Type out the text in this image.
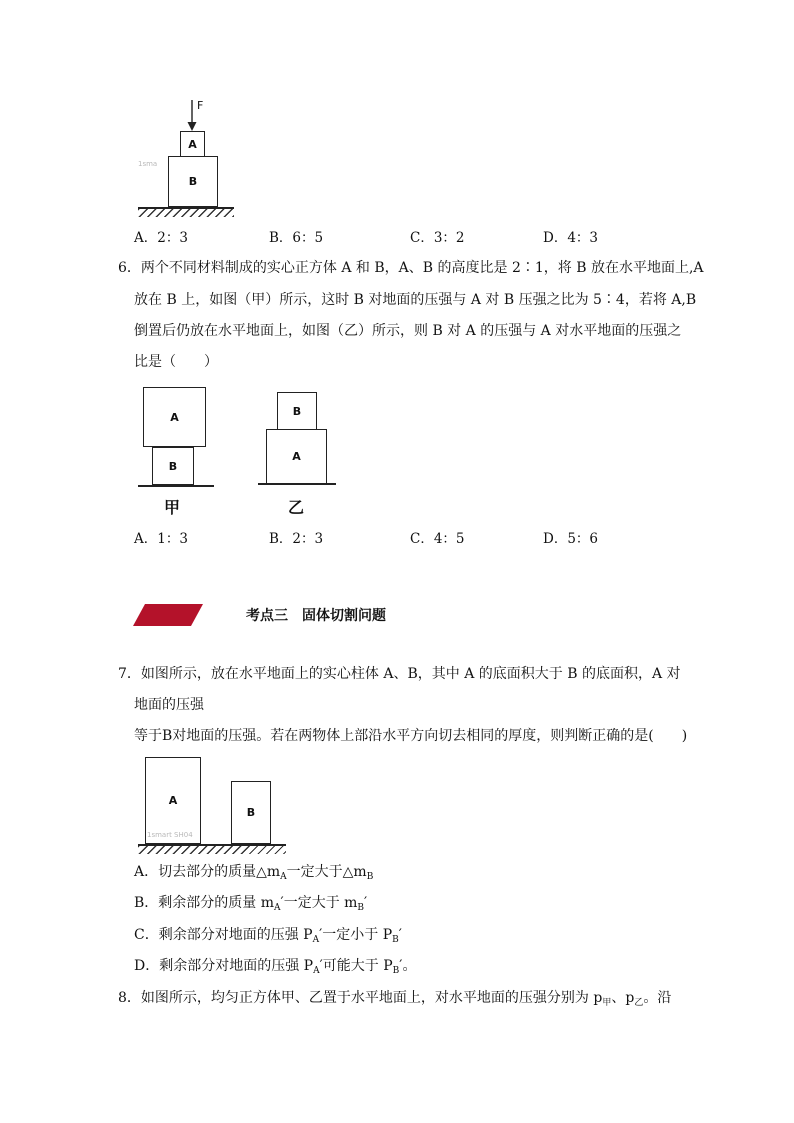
F
A
B
1sma
A．2：3	B．6：5	C．3：2	D．4：3
6．两个不同材料制成的实心正方体 A 和 B，A、B 的高度比是 2∶1，将 B 放在水平地面上,A
放在 B 上，如图（甲）所示，这时 B 对地面的压强与 A 对 B 压强之比为 5∶4，若将 A,B
倒置后仍放在水平地面上，如图（乙）所示，则 B 对 A 的压强与 A 对水平地面的压强之
比是（　　）
A
B
甲
B
A
乙
A．1：3	B．2：3	C．4：5	D．5：6
考点三　固体切割问题
7．如图所示，放在水平地面上的实心柱体 A、B，其中 A 的底面积大于 B 的底面积，A 对
地面的压强
等于B对地面的压强。若在两物体上部沿水平方向切去相同的厚度，则判断正确的是(　　)
A
B
1smart SH04
A．切去部分的质量$\triangle m_A$一定大于$\triangle m_B$
B．剩余部分的质量 $m_A'$一定大于 $m_B'$
C．剩余部分对地面的压强 $P_A'$一定小于 $P_B'$
D．剩余部分对地面的压强 $P_A'$可能大于 $P_B'$。
8．如图所示，均匀正方体甲、乙置于水平地面上，对水平地面的压强分别为 $p_甲$、$p_乙$。沿
